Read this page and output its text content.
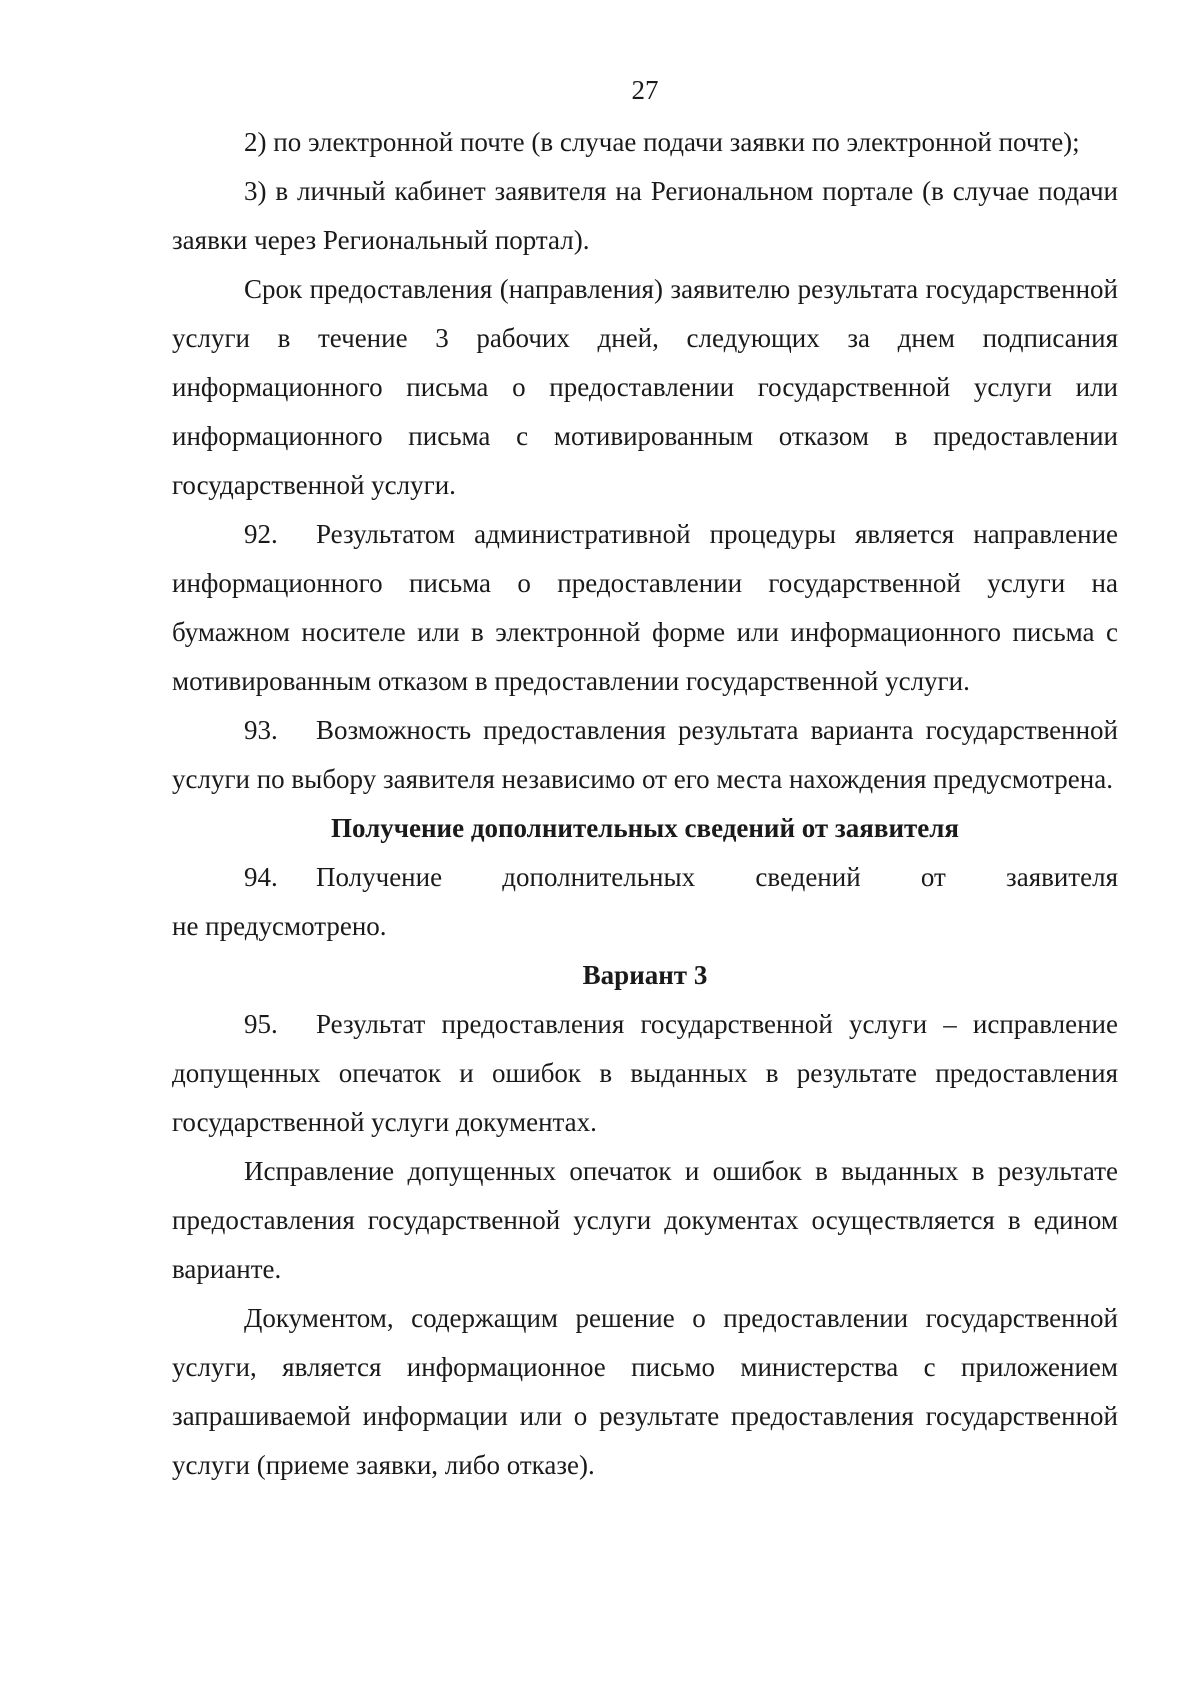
27

2) по электронной почте (в случае подачи заявки по электронной почте);

3) в личный кабинет заявителя на Региональном портале (в случае подачи заявки через Региональный портал).

Срок предоставления (направления) заявителю результата государственной услуги в течение 3 рабочих дней, следующих за днем подписания информационного письма о предоставлении государственной услуги или информационного письма с мотивированным отказом в предоставлении государственной услуги.

92. Результатом административной процедуры является направление информационного письма о предоставлении государственной услуги на бумажном носителе или в электронной форме или информационного письма с мотивированным отказом в предоставлении государственной услуги.

93. Возможность предоставления результата варианта государственной услуги по выбору заявителя независимо от его места нахождения предусмотрена.

Получение дополнительных сведений от заявителя

94. Получение дополнительных сведений от заявителя

не предусмотрено.

Вариант 3

95. Результат предоставления государственной услуги – исправление допущенных опечаток и ошибок в выданных в результате предоставления государственной услуги документах.

Исправление допущенных опечаток и ошибок в выданных в результате предоставления государственной услуги документах осуществляется в едином варианте.

Документом, содержащим решение о предоставлении государственной услуги, является информационное письмо министерства с приложением запрашиваемой информации или о результате предоставления государственной услуги (приеме заявки, либо отказе).
